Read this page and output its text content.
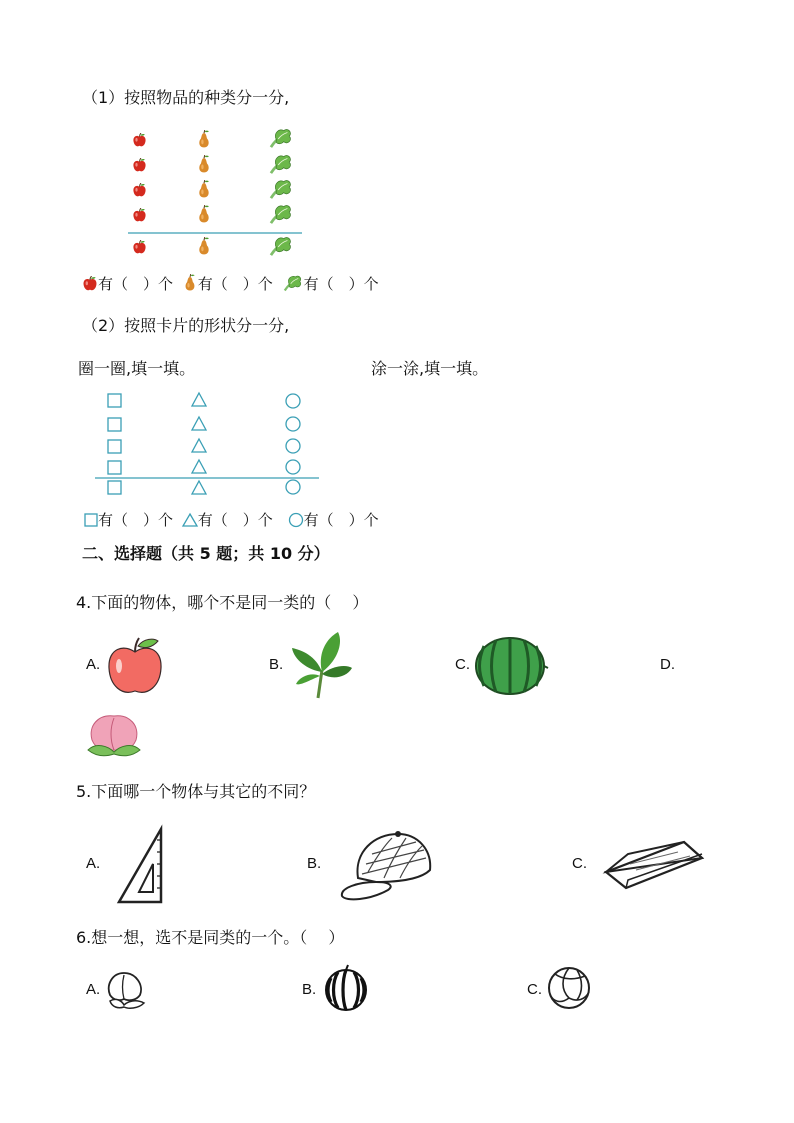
（1）按照物品的种类分一分,
有（　）个 有（　）个 有（　）个
（2）按照卡片的形状分一分,
圈一圈,填一填。	涂一涂,填一填。
有（　）个 有（　）个 有（　）个
二、选择题（共 5 题；共 10 分）
4.下面的物体，哪个不是同一类的（　 ）
A.	B.	C.	D.
5.下面哪一个物体与其它的不同？
A.	B.	C.
6.想一想，选不是同类的一个。（　 ）
A.	B.	C.
